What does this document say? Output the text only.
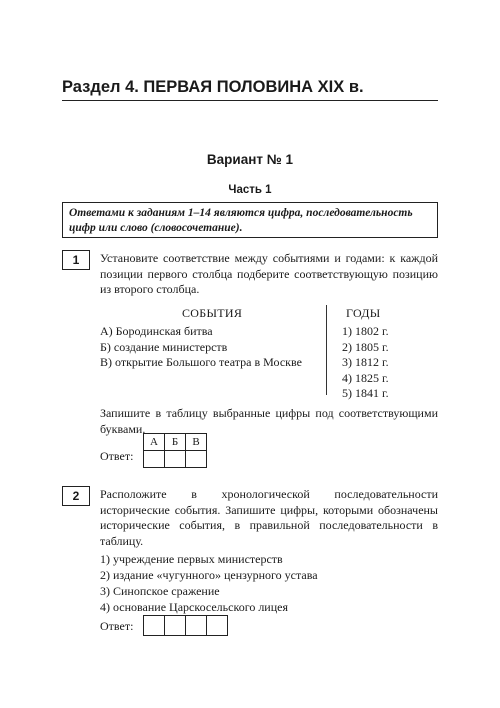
Раздел 4. ПЕРВАЯ ПОЛОВИНА XIX в.
Вариант № 1
Часть 1
Ответами к заданиям 1–14 являются цифра, последовательность цифр или слово (словосочетание).
1	Установите соответствие между событиями и годами: к каждой позиции первого столбца подберите соответствующую позицию из второго столбца.
СОБЫТИЯ	ГОДЫ
А) Бородинская битва
Б) создание министерств
В) открытие Большого театра в Москве
1) 1802 г.
2) 1805 г.
3) 1812 г.
4) 1825 г.
5) 1841 г.
Запишите в таблицу выбранные цифры под соответствующими буквами.
Ответ:
А	Б	В

2	Расположите в хронологической последовательности исторические события. Запишите цифры, которыми обозначены исторические события, в правильной последовательности в таблицу.
1) учреждение первых министерств
2) издание «чугунного» цензурного устава
3) Синопское сражение
4) основание Царскосельского лицея
Ответ:
